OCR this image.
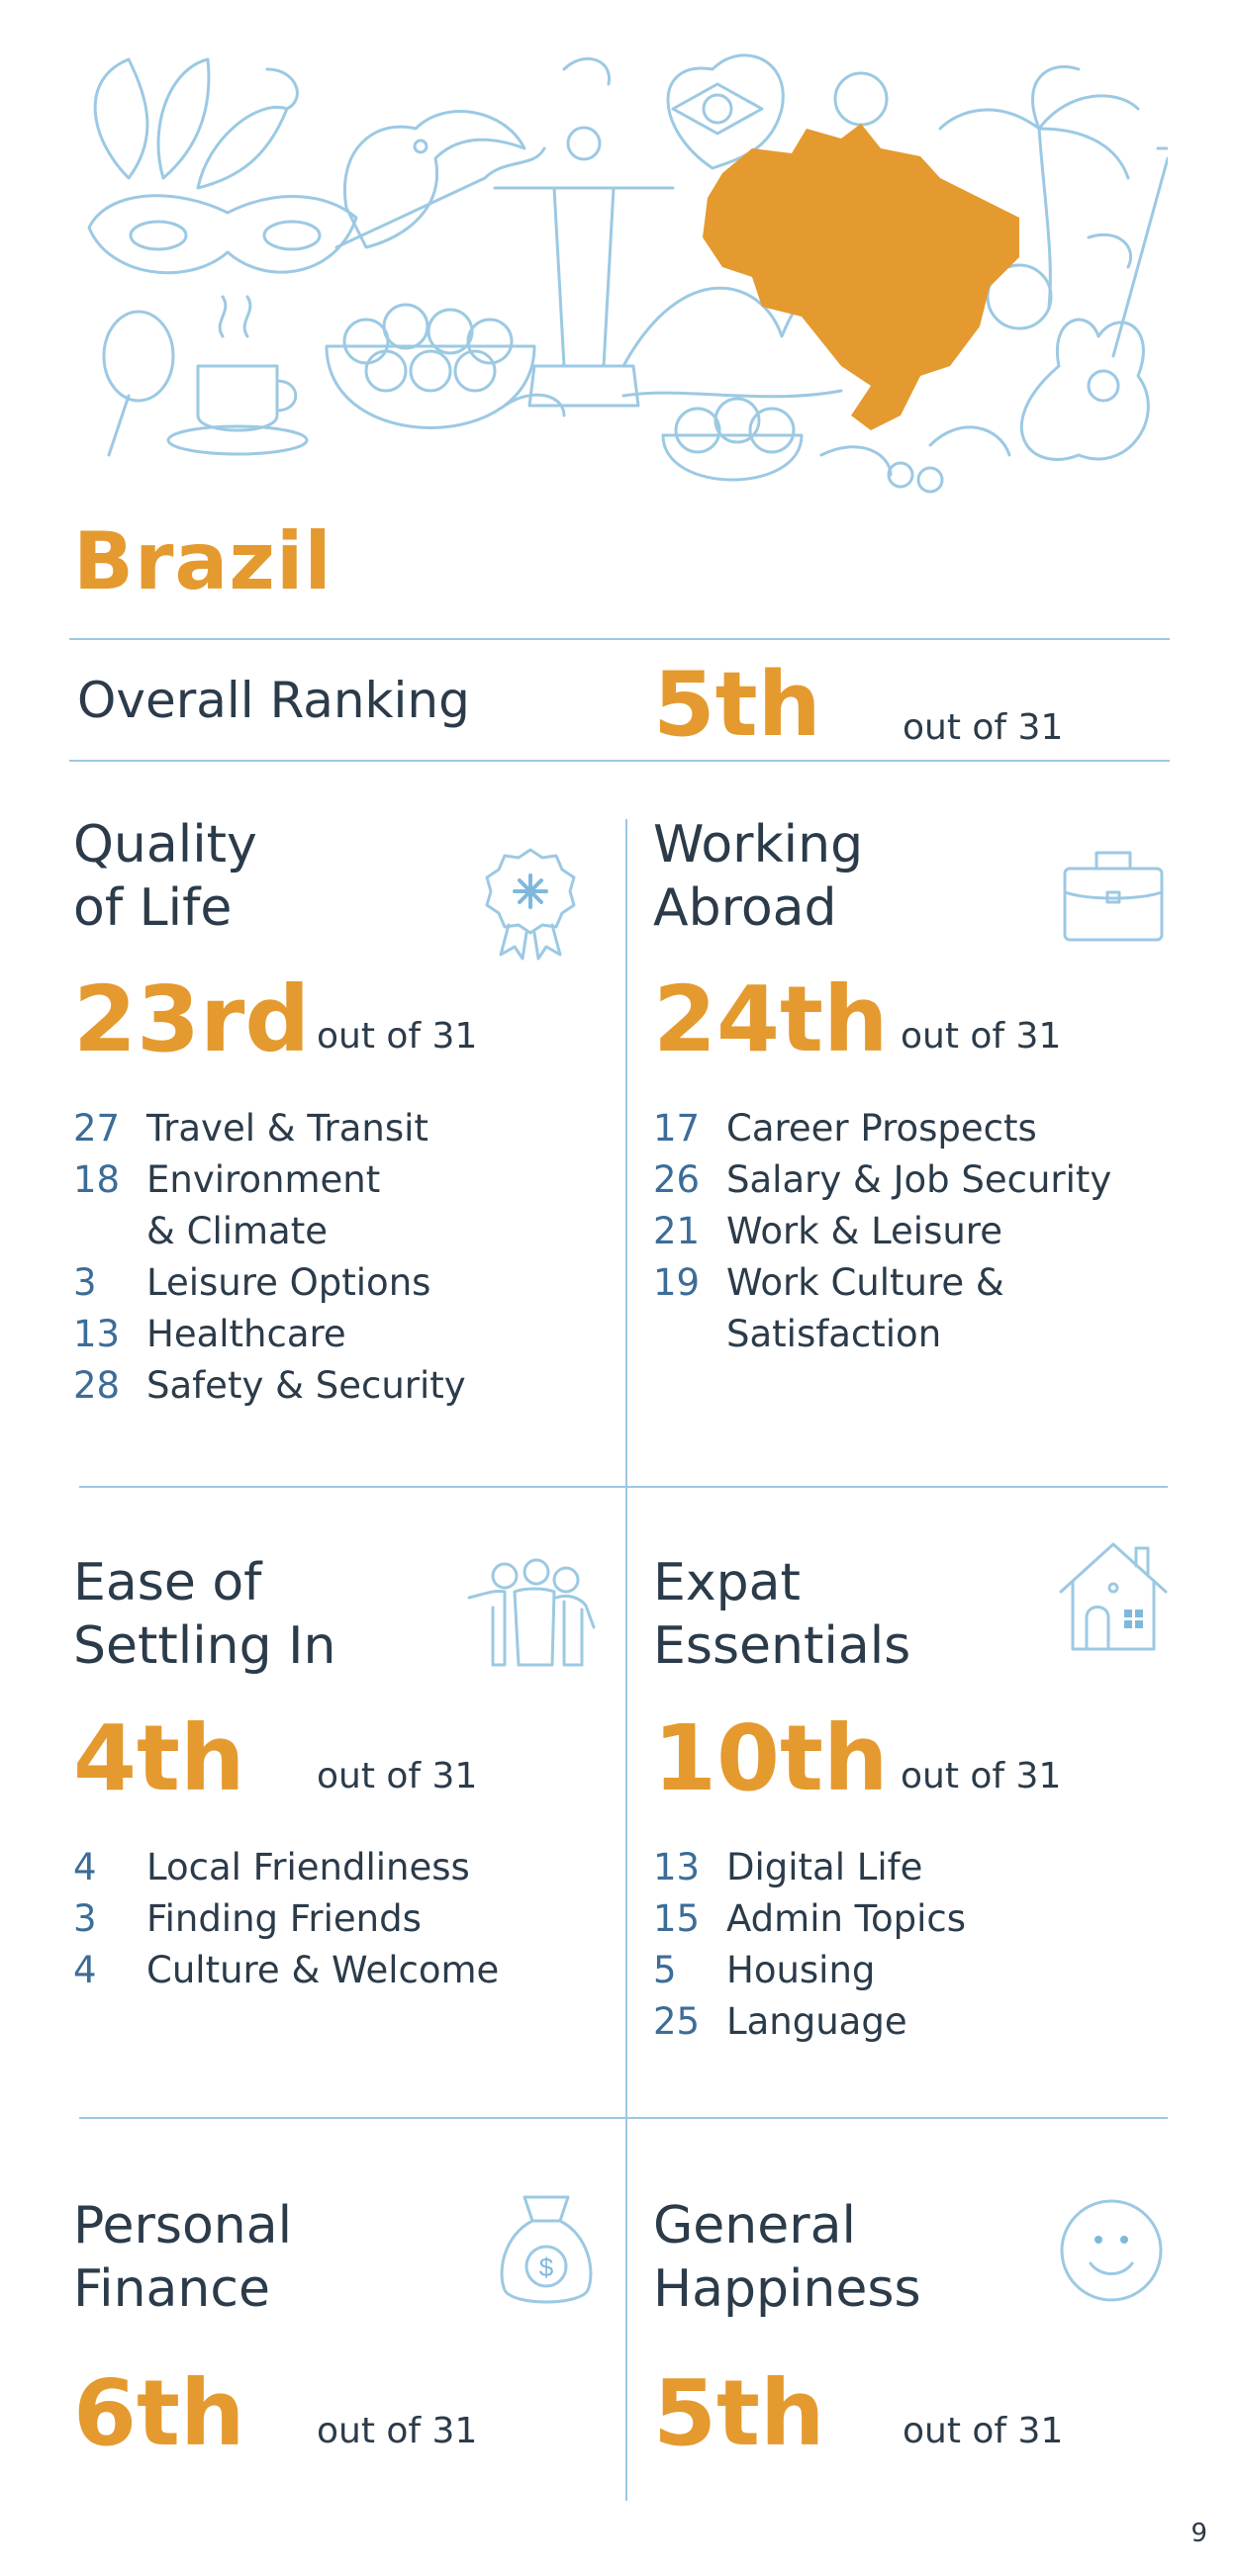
Brazil
Overall Ranking 5th out of 31
Quality
of Life
23rd out of 31
27 Travel & Transit
18 Environment
& Climate
3	Leisure Options
13 Healthcare
28 Safety & Security
Working
Abroad
24th out of 31
17 Career Prospects
26 Salary & Job Security
21 Work & Leisure
19 Work Culture &
Satisfaction
Ease of
Settling In
4th out of 31
4	Local Friendliness
3	Finding Friends
4	Culture & Welcome
Expat
Essentials
10th out of 31
13 Digital Life
15 Admin Topics
5	Housing
25 Language
Personal
Finance
6th out of 31
$
General
Happiness
5th out of 31
9
